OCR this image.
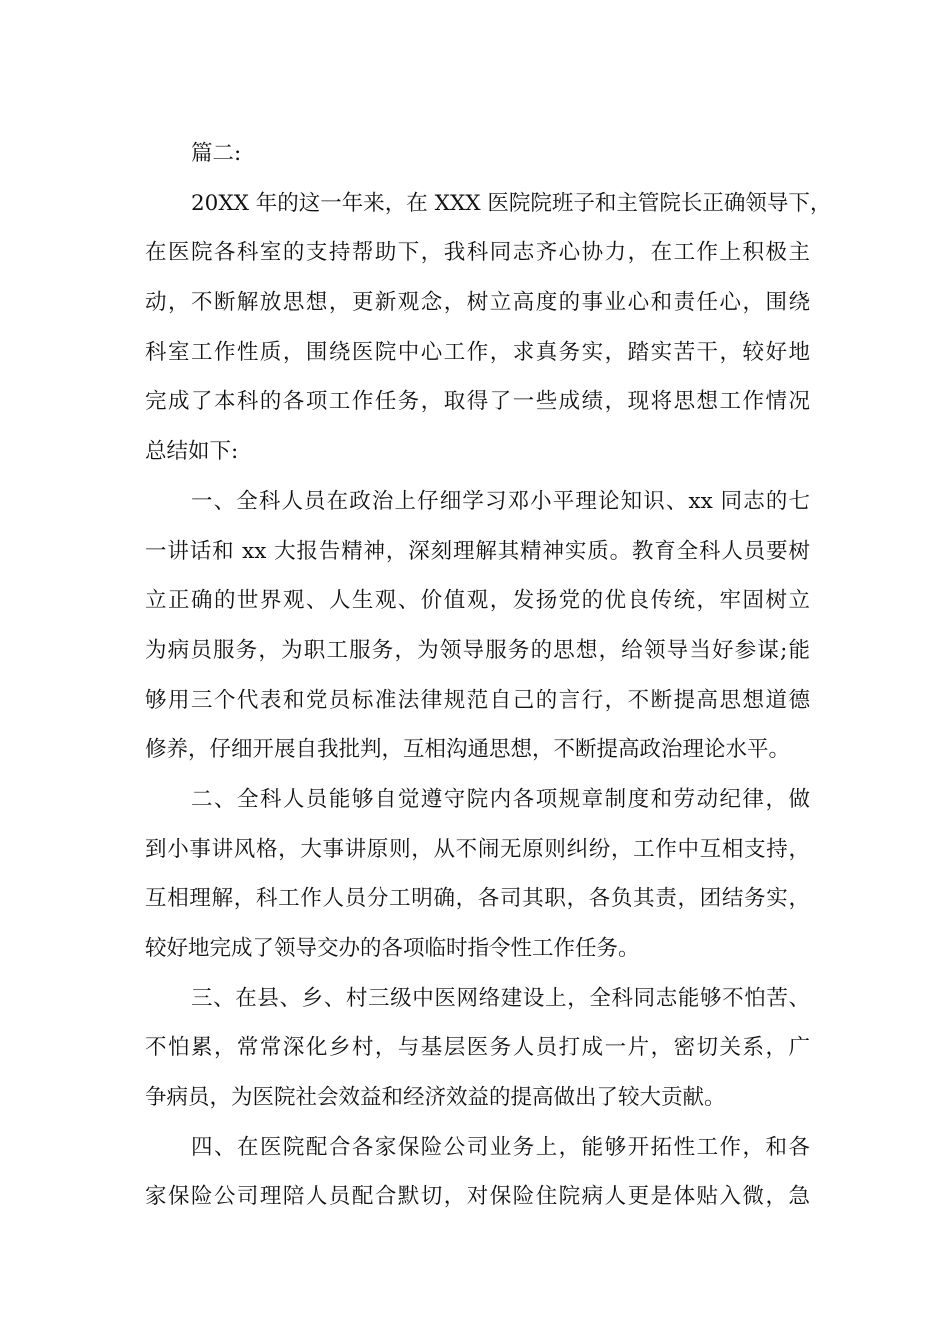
篇二:
20XX 年的这一年来，在 XXX 医院院班子和主管院长正确领导下，
在医院各科室的支持帮助下，我科同志齐心协力，在工作上积极主
动，不断解放思想，更新观念，树立高度的事业心和责任心，围绕
科室工作性质，围绕医院中心工作，求真务实，踏实苦干，较好地
完成了本科的各项工作任务，取得了一些成绩，现将思想工作情况
总结如下:
一、全科人员在政治上仔细学习邓小平理论知识、xx 同志的七
一讲话和 xx 大报告精神，深刻理解其精神实质。教育全科人员要树
立正确的世界观、人生观、价值观，发扬党的优良传统，牢固树立
为病员服务，为职工服务，为领导服务的思想，给领导当好参谋;能
够用三个代表和党员标准法律规范自己的言行，不断提高思想道德
修养，仔细开展自我批判，互相沟通思想，不断提高政治理论水平。
二、全科人员能够自觉遵守院内各项规章制度和劳动纪律，做
到小事讲风格，大事讲原则，从不闹无原则纠纷，工作中互相支持，
互相理解，科工作人员分工明确，各司其职，各负其责，团结务实，
较好地完成了领导交办的各项临时指令性工作任务。
三、在县、乡、村三级中医网络建设上，全科同志能够不怕苦、
不怕累，常常深化乡村，与基层医务人员打成一片，密切关系，广
争病员，为医院社会效益和经济效益的提高做出了较大贡献。
四、在医院配合各家保险公司业务上，能够开拓性工作，和各
家保险公司理陪人员配合默切，对保险住院病人更是体贴入微，急
